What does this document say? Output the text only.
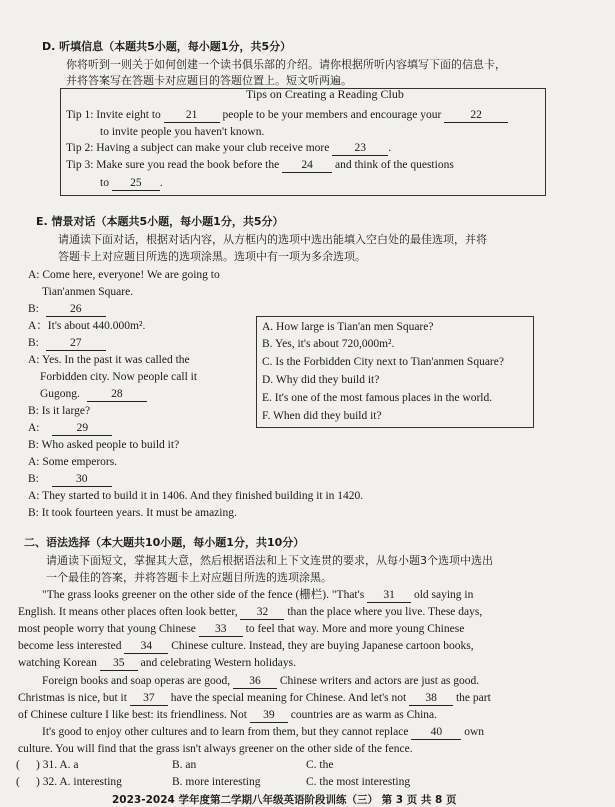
D. 听填信息（本题共5小题，每小题1分，共5分）
你将听到一则关于如何创建一个读书俱乐部的介绍。请你根据所听内容填写下面的信息卡，
并将答案写在答题卡对应题目的答题位置上。短文听两遍。
Tips on Creating a Reading Club
Tip 1: Invite eight to 21 people to be your members and encourage your	22
to invite people you haven't known.
Tip 2: Having a subject can make your club receive more 23 .
Tip 3: Make sure you read the book before the 24 and think of the questions
to 25 .
E. 情景对话（本题共5小题，每小题1分，共5分）
请通读下面对话，根据对话内容，从方框内的选项中选出能填入空白处的最佳选项，并将
答题卡上对应题目所选的选项涂黑。选项中有一项为多余选项。
A: Come here, everyone! We are going to
Tian'anmen Square.
B:	26
A：It's about 440.000m².
B:	27
A: Yes. In the past it was called the
Forbidden city. Now people call it
Gugong.	28
B: Is it large?
A:	29
B: Who asked people to build it?
A: Some emperors.
B:	30
A: They started to build it in 1406. And they finished building it in 1420.
B: It took fourteen years. It must be amazing.
A. How large is Tian'an men Square?
B. Yes, it's about 720,000m².
C. Is the Forbidden City next to Tian'anmen Square?
D. Why did they build it?
E. It's one of the most famous places in the world.
F. When did they build it?
二、语法选择（本大题共10小题，每小题1分，共10分）
请通读下面短文，掌握其大意，然后根据语法和上下文连贯的要求，从每小题3个选项中选出
一个最佳的答案，并将答题卡上对应题目所选的选项涂黑。
"The grass looks greener on the other side of the fence (栅栏). "That's 31 old saying in
English. It means other places often look better, 32 than the place where you live. These days,
most people worry that young Chinese 33 to feel that way. More and more young Chinese
become less interested 34 Chinese culture. Instead, they are buying Japanese cartoon books,
watching Korean 35 and celebrating Western holidays.
Foreign books and soap operas are good, 36 Chinese writers and actors are just as good.
Christmas is nice, but it 37 have the special meaning for Chinese. And let's not 38 the part
of Chinese culture I like best: its friendliness. Not 39 countries are as warm as China.
It's good to enjoy other cultures and to learn from them, but they cannot replace 40 own
culture. You will find that the grass isn't always greener on the other side of the fence.
( ) 31. A. a	B. an	C. the
( ) 32. A. interesting	B. more interesting	C. the most interesting
2023-2024 学年度第二学期八年级英语阶段训练（三） 第 3 页 共 8 页
